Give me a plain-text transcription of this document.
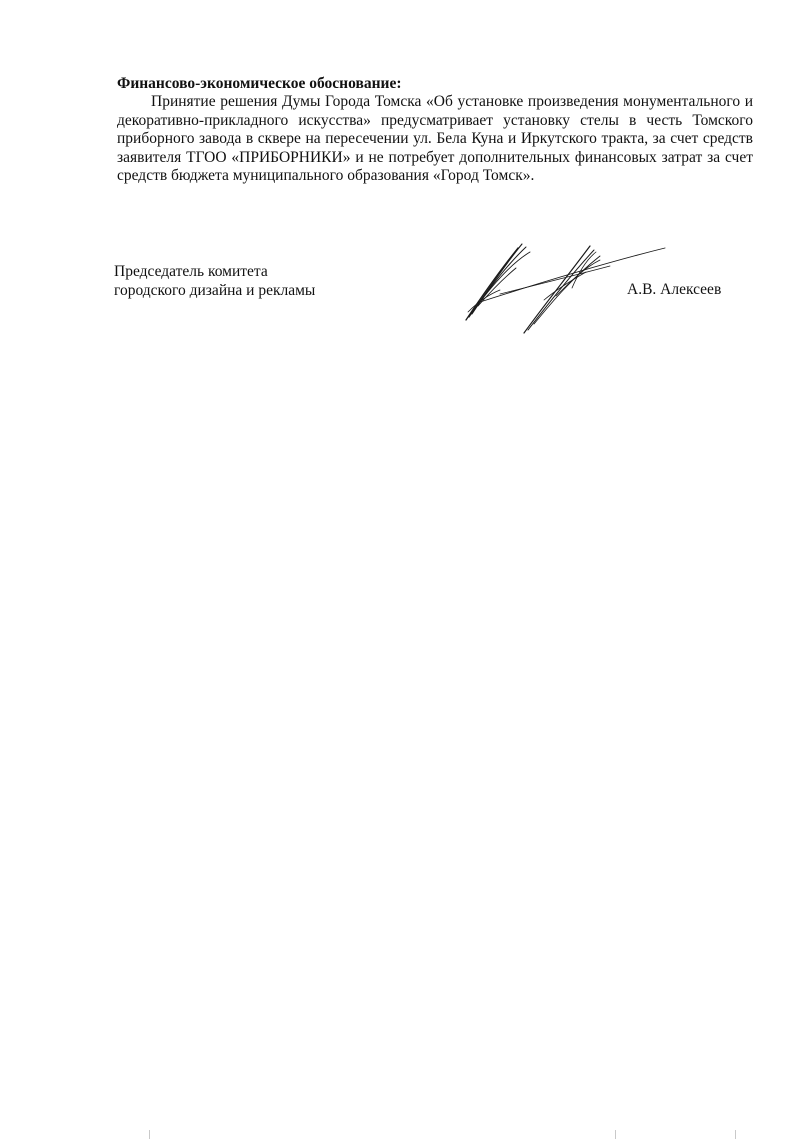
Финансово-экономическое обоснование:

Принятие решения Думы Города Томска «Об установке произведения монументального и декоративно-прикладного искусства» предусматривает установку стелы в честь Томского приборного завода в сквере на пересечении ул. Бела Куна и Иркутского тракта, за счет средств заявителя ТГОО «ПРИБОРНИКИ» и не потребует дополнительных финансовых затрат за счет средств бюджета муниципального образования «Город Томск».

Председатель комитета
городского дизайна и рекламы	А.В. Алексеев
